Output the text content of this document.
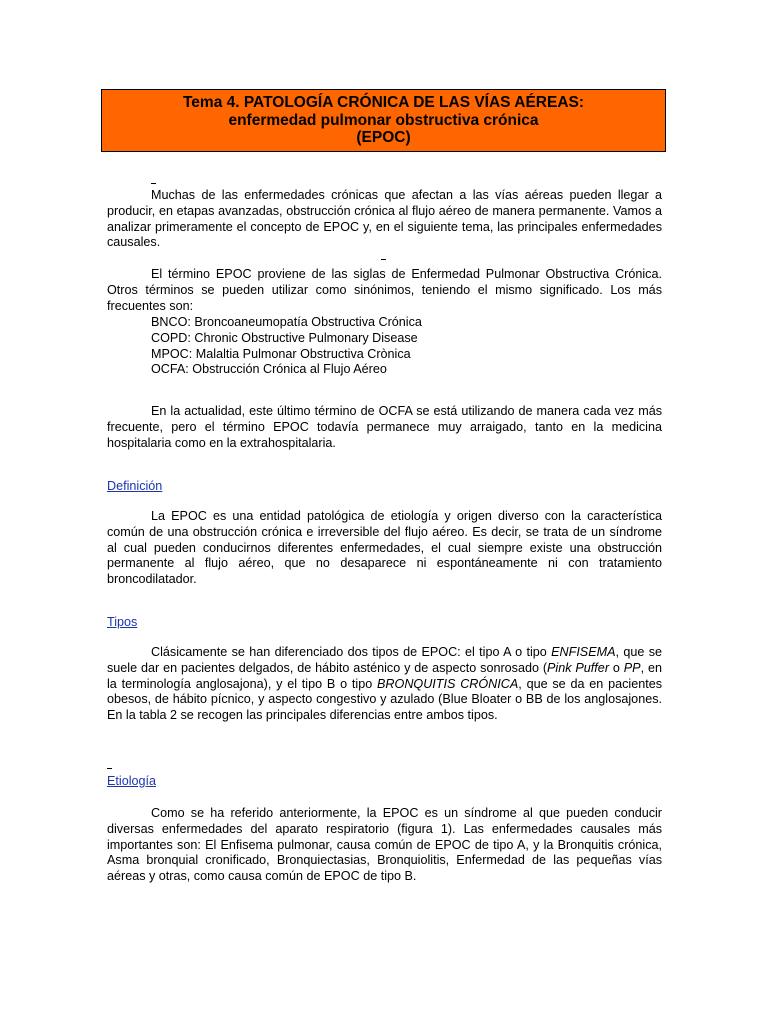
Tema 4. PATOLOGÍA CRÓNICA DE LAS VÍAS AÉREAS:
enfermedad pulmonar obstructiva crónica
(EPOC)
Muchas de las enfermedades crónicas que afectan a las vías aéreas pueden llegar a producir, en etapas avanzadas, obstrucción crónica al flujo aéreo de manera permanente. Vamos a analizar primeramente el concepto de EPOC y, en el siguiente tema, las principales enfermedades causales.
El término EPOC proviene de las siglas de Enfermedad Pulmonar Obstructiva Crónica. Otros términos se pueden utilizar como sinónimos, teniendo el mismo significado. Los más frecuentes son:
BNCO: Broncoaneumopatía Obstructiva Crónica
COPD: Chronic Obstructive Pulmonary Disease
MPOC: Malaltia Pulmonar Obstructiva Crònica
OCFA: Obstrucción Crónica al Flujo Aéreo
En la actualidad, este último término de OCFA se está utilizando de manera cada vez más frecuente, pero el término EPOC todavía permanece muy arraigado, tanto en la medicina hospitalaria como en la extrahospitalaria.
Definición
La EPOC es una entidad patológica de etiología y origen diverso con la característica común de una obstrucción crónica e irreversible del flujo aéreo. Es decir, se trata de un síndrome al cual pueden conducirnos diferentes enfermedades, el cual siempre existe una obstrucción permanente al flujo aéreo, que no desaparece ni espontáneamente ni con tratamiento broncodilatador.
Tipos
Clásicamente se han diferenciado dos tipos de EPOC: el tipo A o tipo ENFISEMA, que se suele dar en pacientes delgados, de hábito asténico y de aspecto sonrosado (Pink Puffer o PP, en la terminología anglosajona), y el tipo B o tipo BRONQUITIS CRÓNICA, que se da en pacientes obesos, de hábito pícnico, y aspecto congestivo y azulado (Blue Bloater o BB de los anglosajones. En la tabla 2 se recogen las principales diferencias entre ambos tipos.
Etiología
Como se ha referido anteriormente, la EPOC es un síndrome al que pueden conducir diversas enfermedades del aparato respiratorio (figura 1). Las enfermedades causales más importantes son: El Enfisema pulmonar, causa común de EPOC de tipo A, y la Bronquitis crónica, Asma bronquial cronificado, Bronquiectasias, Bronquiolitis, Enfermedad de las pequeñas vías aéreas y otras, como causa común de EPOC de tipo B.
